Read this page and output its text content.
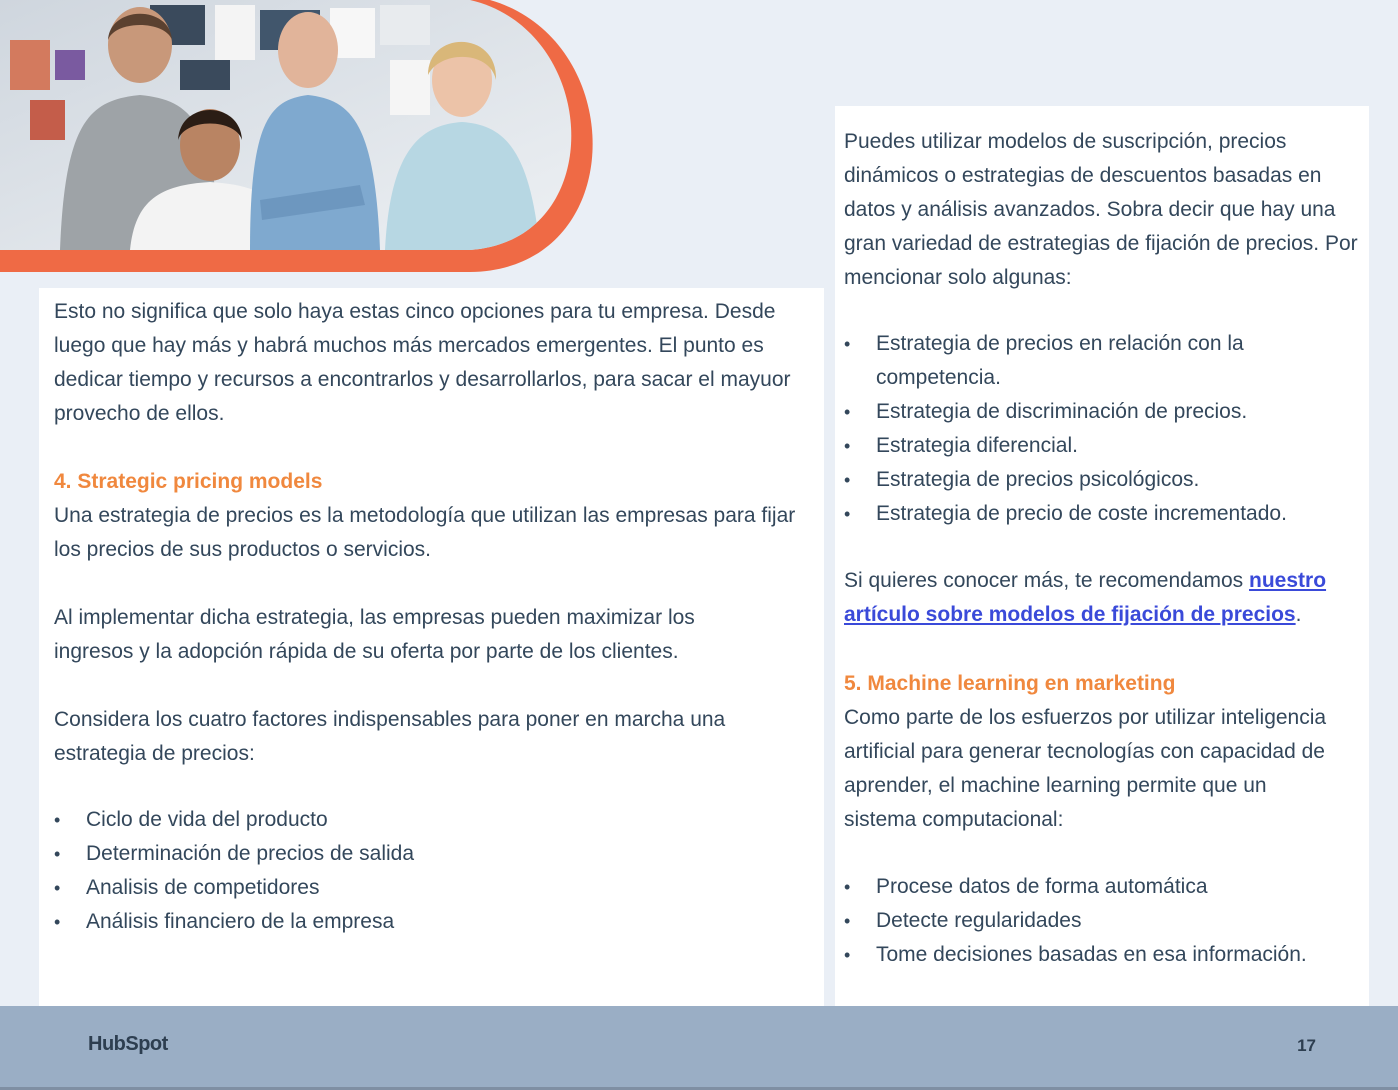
Esto no significa que solo haya estas cinco opciones para tu empresa. Desde luego que hay más y habrá muchos más mercados emergentes. El punto es dedicar tiempo y recursos a encontrarlos y desarrollarlos, para sacar el mayuor provecho de ellos.

4. Strategic pricing models

Una estrategia de precios es la metodología que utilizan las empresas para fijar los precios de sus productos o servicios.

Al implementar dicha estrategia, las empresas pueden maximizar los ingresos y la adopción rápida de su oferta por parte de los clientes.

Considera los cuatro factores indispensables para poner en marcha una estrategia de precios:

• Ciclo de vida del producto
• Determinación de precios de salida
• Analisis de competidores
• Análisis financiero de la empresa

Puedes utilizar modelos de suscripción, precios dinámicos o estrategias de descuentos basadas en datos y análisis avanzados. Sobra decir que hay una gran variedad de estrategias de fijación de precios. Por mencionar solo algunas:

• Estrategia de precios en relación con la competencia.
• Estrategia de discriminación de precios.
• Estrategia diferencial.
• Estrategia de precios psicológicos.
• Estrategia de precio de coste incrementado.

Si quieres conocer más, te recomendamos nuestro artículo sobre modelos de fijación de precios.

5. Machine learning en marketing

Como parte de los esfuerzos por utilizar inteligencia artificial para generar tecnologías con capacidad de aprender, el machine learning permite que un sistema computacional:

• Procese datos de forma automática
• Detecte regularidades
• Tome decisiones basadas en esa información.
HubSpot	17
